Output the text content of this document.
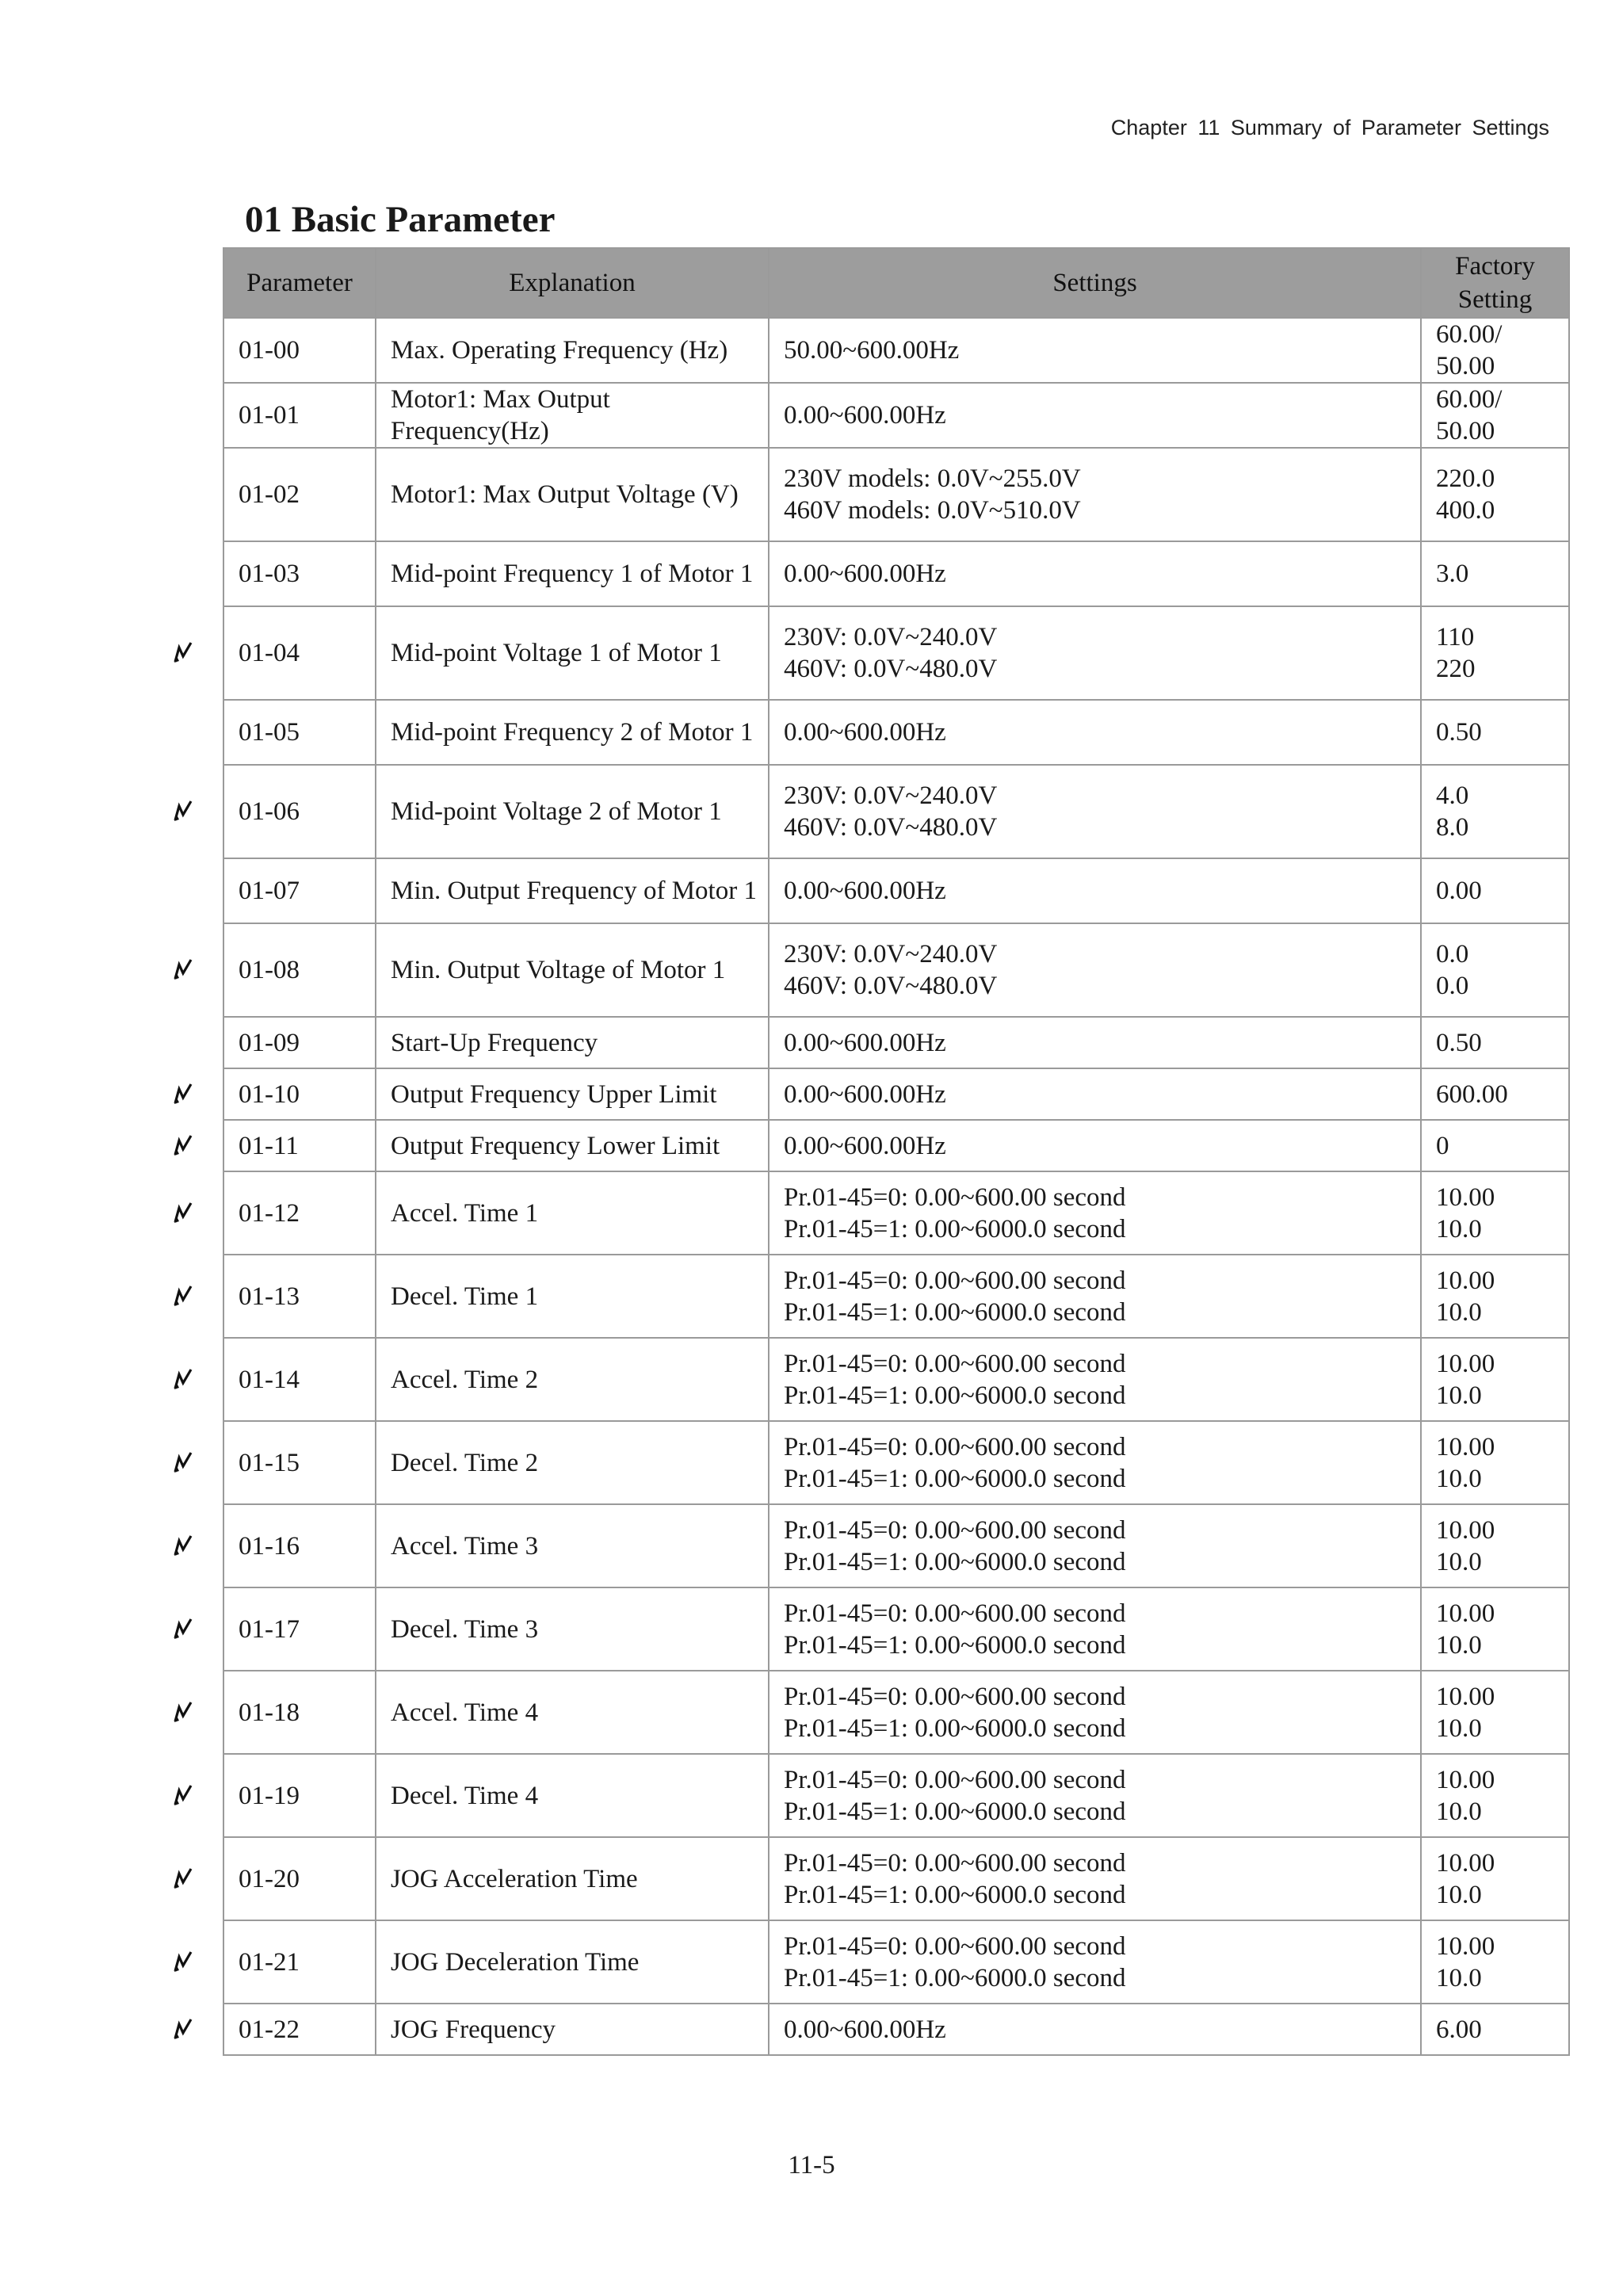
Chapter 11 Summary of Parameter Settings
01 Basic Parameter
Parameter	Explanation	Settings	Factory
Setting

01-00	Max. Operating Frequency (Hz)	50.00~600.00Hz	60.00/
50.00

01-01	Motor1: Max Output Frequency(Hz)	0.00~600.00Hz	60.00/
50.00

01-02	Motor1: Max Output Voltage (V)	230V models: 0.0V~255.0V
460V models: 0.0V~510.0V	220.0
400.0

01-03	Mid-point Frequency 1 of Motor 1	0.00~600.00Hz	3.0

01-04	Mid-point Voltage 1 of Motor 1	230V: 0.0V~240.0V
460V: 0.0V~480.0V	110
220

01-05	Mid-point Frequency 2 of Motor 1	0.00~600.00Hz	0.50

01-06	Mid-point Voltage 2 of Motor 1	230V: 0.0V~240.0V
460V: 0.0V~480.0V	4.0
8.0

01-07	Min. Output Frequency of Motor 1	0.00~600.00Hz	0.00

01-08	Min. Output Voltage of Motor 1	230V: 0.0V~240.0V
460V: 0.0V~480.0V	0.0
0.0

01-09	Start-Up Frequency	0.00~600.00Hz	0.50

01-10	Output Frequency Upper Limit	0.00~600.00Hz	600.00

01-11	Output Frequency Lower Limit	0.00~600.00Hz	0

01-12	Accel. Time 1	Pr.01-45=0: 0.00~600.00 second
Pr.01-45=1: 0.00~6000.0 second	10.00
10.0

01-13	Decel. Time 1	Pr.01-45=0: 0.00~600.00 second
Pr.01-45=1: 0.00~6000.0 second	10.00
10.0

01-14	Accel. Time 2	Pr.01-45=0: 0.00~600.00 second
Pr.01-45=1: 0.00~6000.0 second	10.00
10.0

01-15	Decel. Time 2	Pr.01-45=0: 0.00~600.00 second
Pr.01-45=1: 0.00~6000.0 second	10.00
10.0

01-16	Accel. Time 3	Pr.01-45=0: 0.00~600.00 second
Pr.01-45=1: 0.00~6000.0 second	10.00
10.0

01-17	Decel. Time 3	Pr.01-45=0: 0.00~600.00 second
Pr.01-45=1: 0.00~6000.0 second	10.00
10.0

01-18	Accel. Time 4	Pr.01-45=0: 0.00~600.00 second
Pr.01-45=1: 0.00~6000.0 second	10.00
10.0

01-19	Decel. Time 4	Pr.01-45=0: 0.00~600.00 second
Pr.01-45=1: 0.00~6000.0 second	10.00
10.0

01-20	JOG Acceleration Time	Pr.01-45=0: 0.00~600.00 second
Pr.01-45=1: 0.00~6000.0 second	10.00
10.0

01-21	JOG Deceleration Time	Pr.01-45=0: 0.00~600.00 second
Pr.01-45=1: 0.00~6000.0 second	10.00
10.0

01-22	JOG Frequency	0.00~600.00Hz	6.00
11-5
